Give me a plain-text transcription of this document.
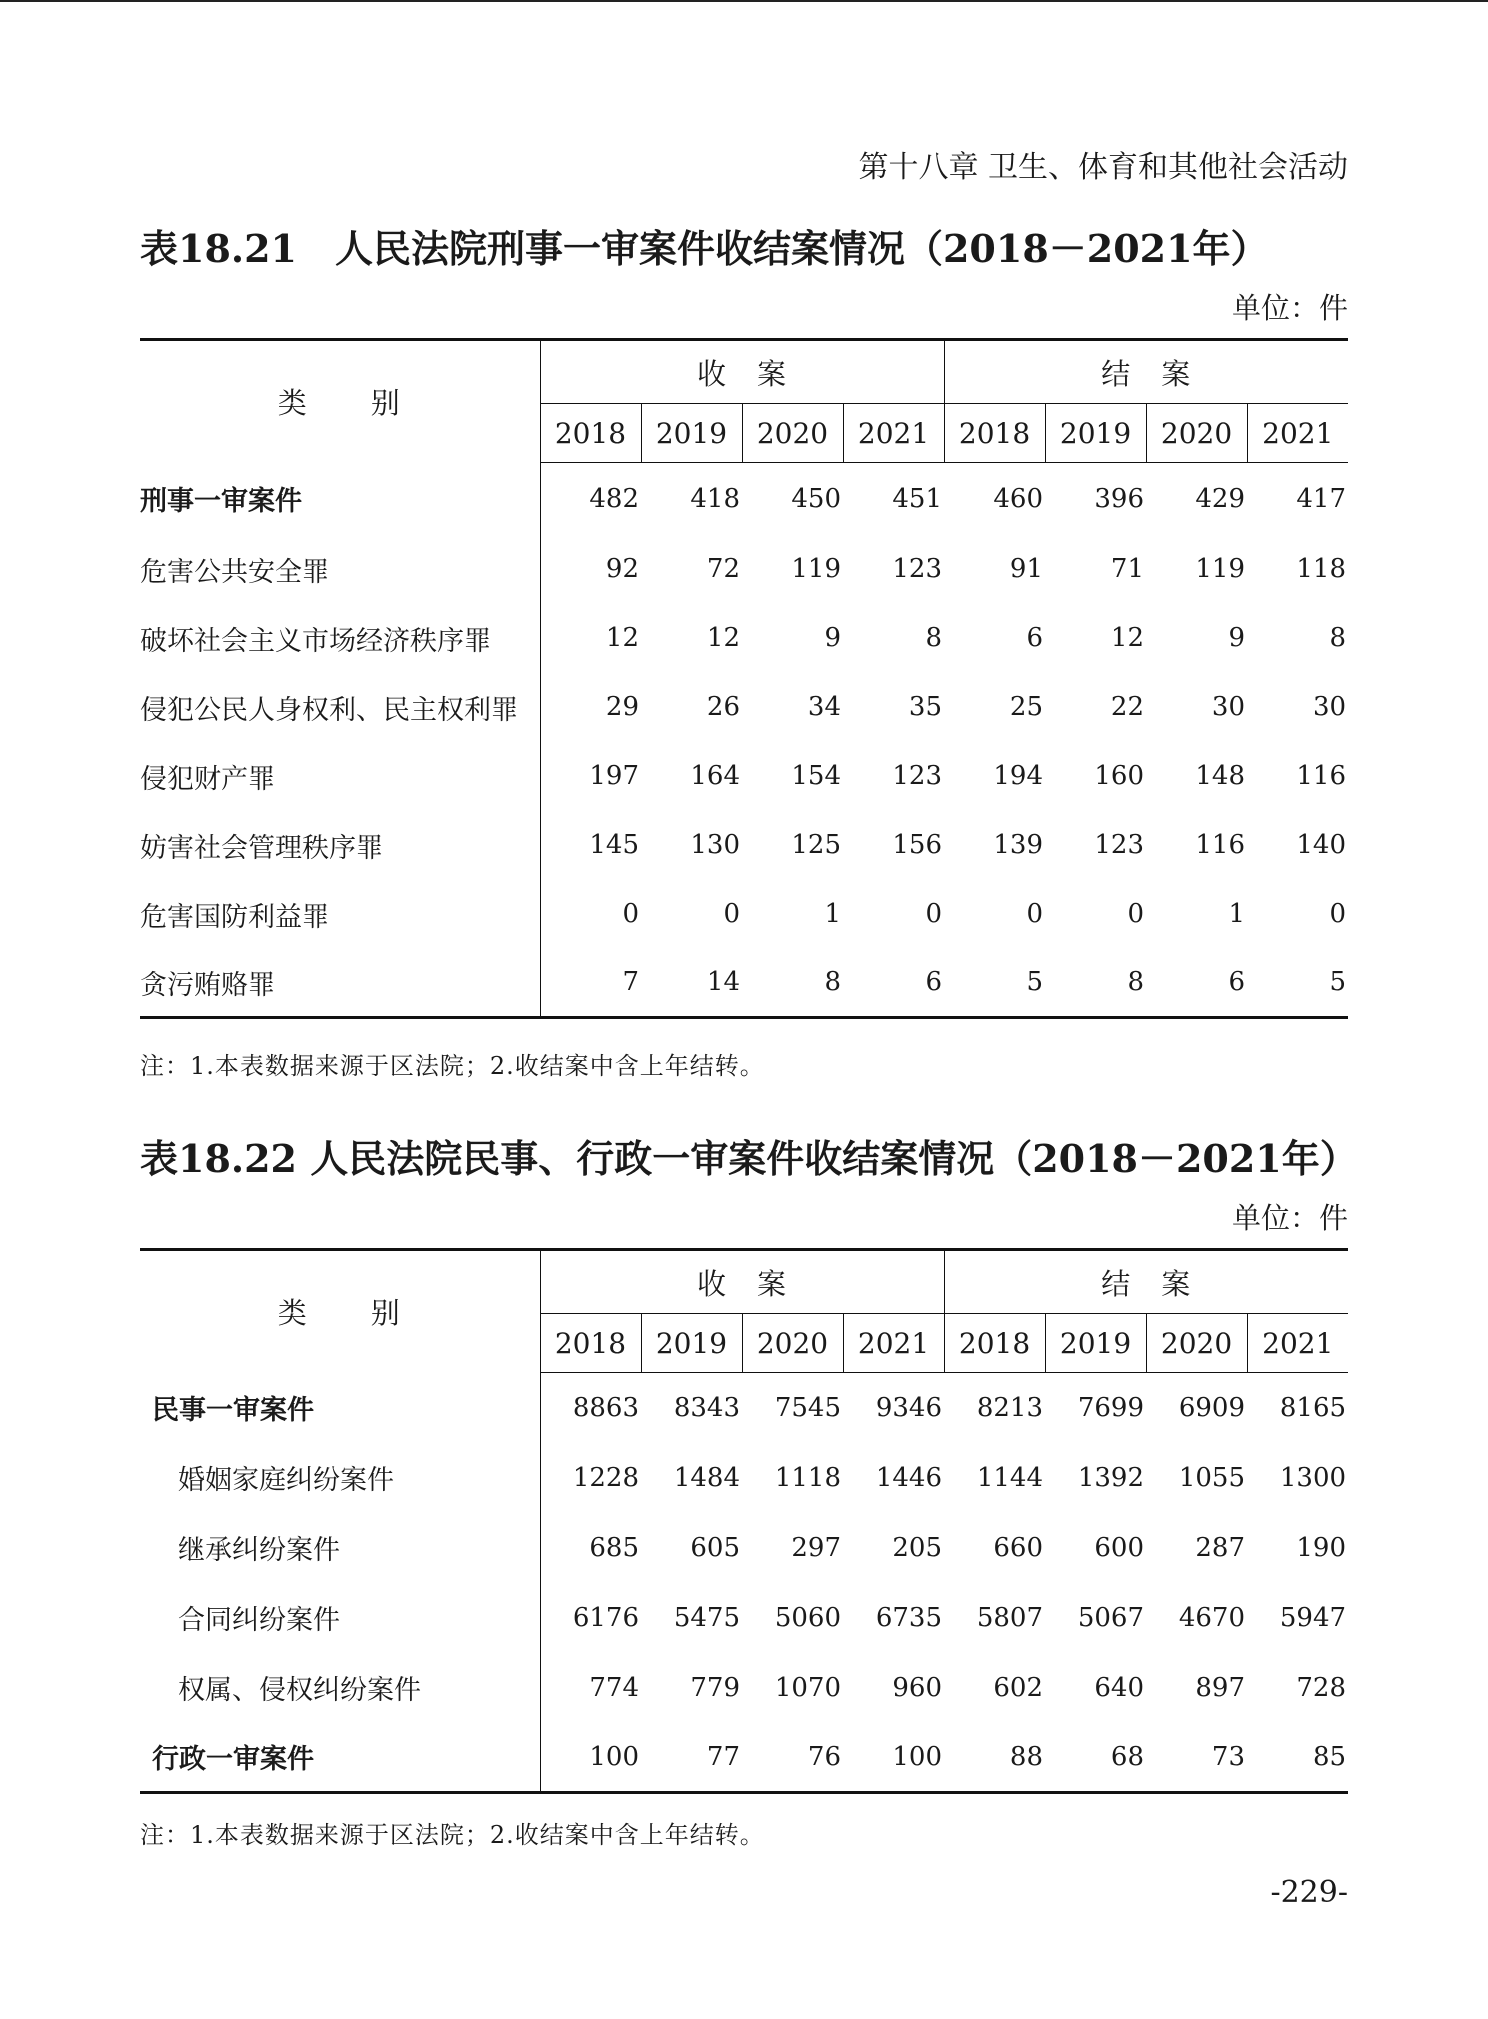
第十八章 卫生、体育和其他社会活动
表18.21　人民法院刑事一审案件收结案情况（2018－2021年）
单位：件
类　　别	收　案				结　案			
	2018	2019	2020	2021	2018	2019	2020	2021
刑事一审案件	482	418	450	451	460	396	429	417
危害公共安全罪	92	72	119	123	91	71	119	118
破坏社会主义市场经济秩序罪	12	12	9	8	6	12	9	8
侵犯公民人身权利、民主权利罪	29	26	34	35	25	22	30	30
侵犯财产罪	197	164	154	123	194	160	148	116
妨害社会管理秩序罪	145	130	125	156	139	123	116	140
危害国防利益罪	0	0	1	0	0	0	1	0
贪污贿赂罪	7	14	8	6	5	8	6	5
注：1.本表数据来源于区法院；2.收结案中含上年结转。
表18.22 人民法院民事、行政一审案件收结案情况（2018－2021年）
单位：件
类　　别	收　案				结　案			
	2018	2019	2020	2021	2018	2019	2020	2021
民事一审案件	8863	8343	7545	9346	8213	7699	6909	8165
婚姻家庭纠纷案件	1228	1484	1118	1446	1144	1392	1055	1300
继承纠纷案件	685	605	297	205	660	600	287	190
合同纠纷案件	6176	5475	5060	6735	5807	5067	4670	5947
权属、侵权纠纷案件	774	779	1070	960	602	640	897	728
行政一审案件	100	77	76	100	88	68	73	85
注：1.本表数据来源于区法院；2.收结案中含上年结转。
-229-
